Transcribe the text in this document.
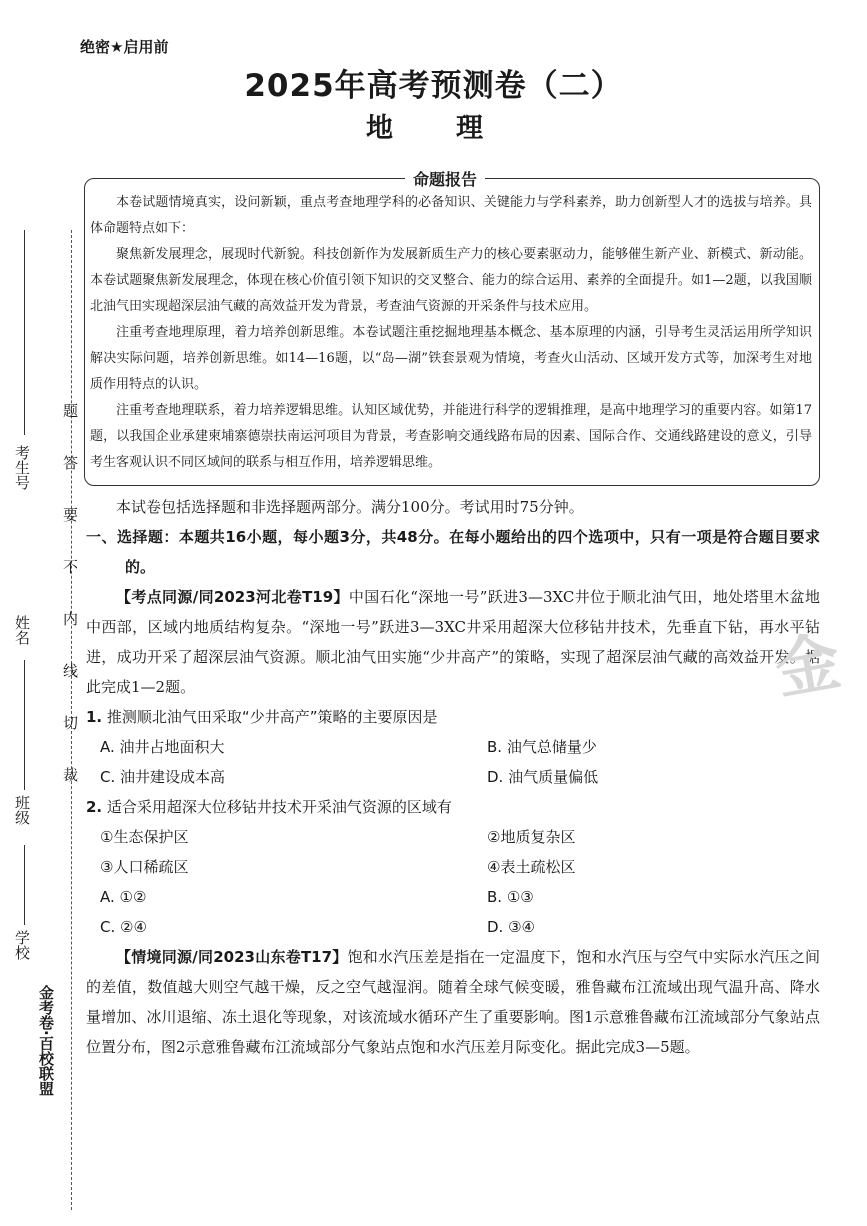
绝密★启用前
2025年高考预测卷（二）
地　理
命题报告

本卷试题情境真实，设问新颖，重点考查地理学科的必备知识、关键能力与学科素养，助力创新型人才的选拔与培养。具体命题特点如下：

聚焦新发展理念，展现时代新貌。科技创新作为发展新质生产力的核心要素驱动力，能够催生新产业、新模式、新动能。本卷试题聚焦新发展理念，体现在核心价值引领下知识的交叉整合、能力的综合运用、素养的全面提升。如1—2题，以我国顺北油气田实现超深层油气藏的高效益开发为背景，考查油气资源的开采条件与技术应用。

注重考查地理原理，着力培养创新思维。本卷试题注重挖掘地理基本概念、基本原理的内涵，引导考生灵活运用所学知识解决实际问题，培养创新思维。如14—16题，以“岛—湖”铁套景观为情境，考查火山活动、区域开发方式等，加深考生对地质作用特点的认识。

注重考查地理联系，着力培养逻辑思维。认知区域优势，并能进行科学的逻辑推理，是高中地理学习的重要内容。如第17题，以我国企业承建柬埔寨德崇扶南运河项目为背景，考查影响交通线路布局的因素、国际合作、交通线路建设的意义，引导考生客观认识不同区域间的联系与相互作用，培养逻辑思维。

本试卷包括选择题和非选择题两部分。满分100分。考试用时75分钟。

一、选择题：本题共16小题，每小题3分，共48分。在每小题给出的四个选项中，只有一项是符合题目要求的。

【考点同源/同2023河北卷T19】中国石化“深地一号”跃进3—3XC井位于顺北油气田，地处塔里木盆地中西部，区域内地质结构复杂。“深地一号”跃进3—3XC井采用超深大位移钻井技术，先垂直下钻，再水平钻进，成功开采了超深层油气资源。顺北油气田实施“少井高产”的策略，实现了超深层油气藏的高效益开发。据此完成1—2题。

1. 推测顺北油气田采取“少井高产”策略的主要原因是

A. 油井占地面积大	B. 油气总储量少
C. 油井建设成本高	D. 油气质量偏低

2. 适合采用超深大位移钻井技术开采油气资源的区域有

①生态保护区	②地质复杂区
③人口稀疏区	④表土疏松区
A. ①②	B. ①③
C. ②④	D. ③④

【情境同源/同2023山东卷T17】饱和水汽压差是指在一定温度下，饱和水汽压与空气中实际水汽压之间的差值，数值越大则空气越干燥，反之空气越湿润。随着全球气候变暖，雅鲁藏布江流域出现气温升高、降水量增加、冰川退缩、冻土退化等现象，对该流域水循环产生了重要影响。图1示意雅鲁藏布江流域部分气象站点位置分布，图2示意雅鲁藏布江流域部分气象站点饱和水汽压差月际变化。据此完成3—5题。

考生号
姓名
班级
学校
金考卷·百校联盟
题
答
要
不
内
线
切
裁
金
